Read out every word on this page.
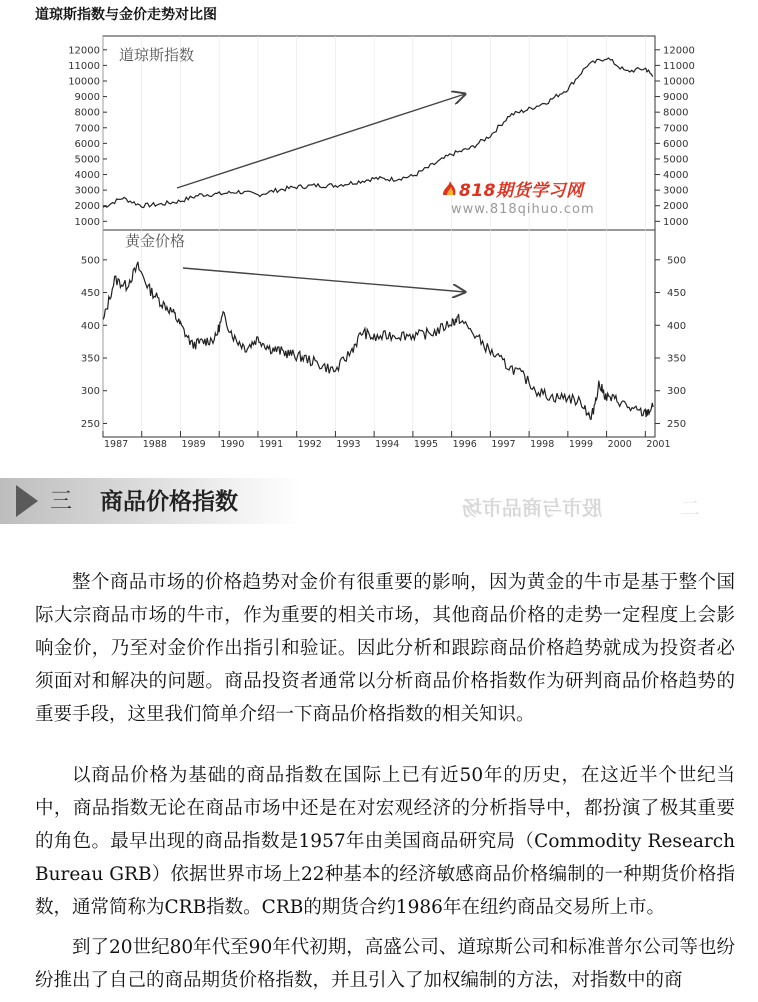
道琼斯指数与金价走势对比图
12000
12000
11000
11000
10000
10000
9000
9000
8000
8000
7000
7000
6000
6000
5000
5000
4000
4000
3000
3000
2000
2000
1000
1000
500
450
400
350
300
250
500
450
400
350
300
250
1987 1988 1989 1990 1991 1992 1993 1994 1995 1996 1997 1998 1999 2000 2001
道琼斯指数
黄金价格
818期货学习网
www.818qihuo.com
三 商品价格指数	股市与商品市场	二

整个商品市场的价格趋势对金价有很重要的影响，因为黄金的牛市是基于整个国际大宗商品市场的牛市，作为重要的相关市场，其他商品价格的走势一定程度上会影响金价，乃至对金价作出指引和验证。因此分析和跟踪商品价格趋势就成为投资者必须面对和解决的问题。商品投资者通常以分析商品价格指数作为研判商品价格趋势的重要手段，这里我们简单介绍一下商品价格指数的相关知识。

以商品价格为基础的商品指数在国际上已有近50年的历史，在这近半个世纪当中，商品指数无论在商品市场中还是在对宏观经济的分析指导中，都扮演了极其重要的角色。最早出现的商品指数是1957年由美国商品研究局（Commodity Research Bureau GRB）依据世界市场上22种基本的经济敏感商品价格编制的一种期货价格指数，通常简称为CRB指数。CRB的期货合约1986年在纽约商品交易所上市。

到了20世纪80年代至90年代初期，高盛公司、道琼斯公司和标准普尔公司等也纷纷推出了自己的商品期货价格指数，并且引入了加权编制的方法，对指数中的商
